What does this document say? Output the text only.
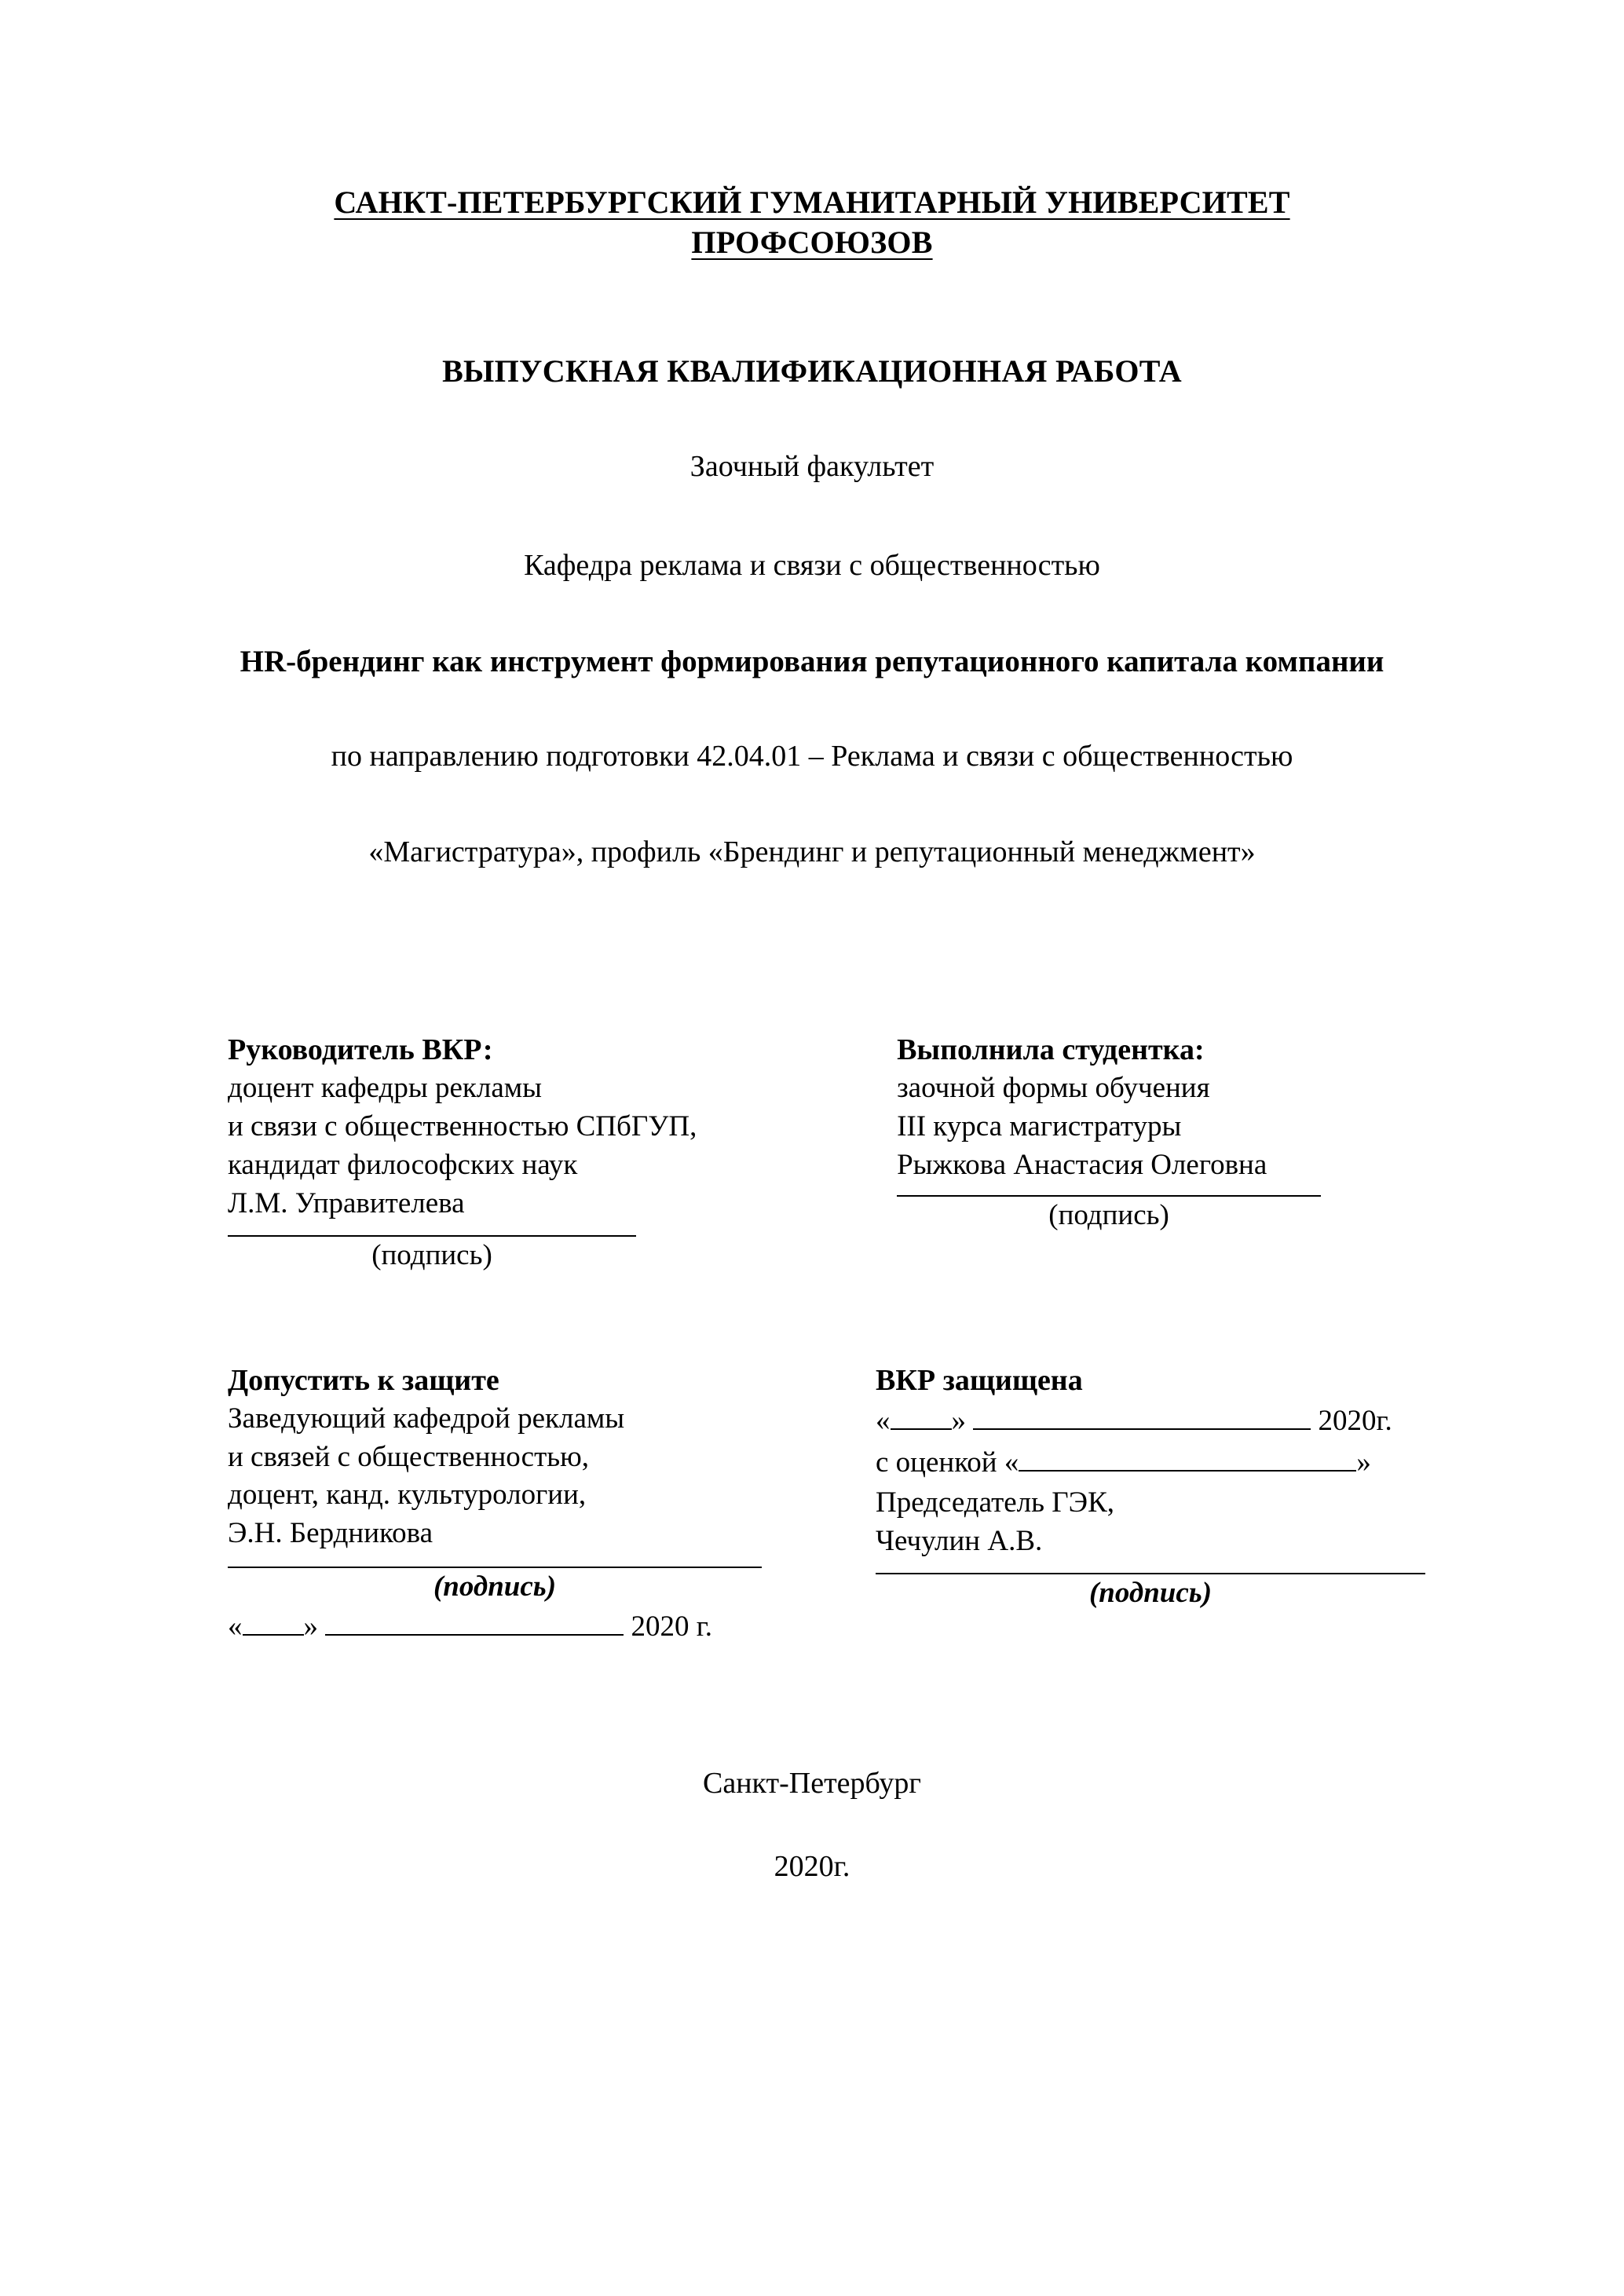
САНКТ-ПЕТЕРБУРГСКИЙ ГУМАНИТАРНЫЙ УНИВЕРСИТЕТ ПРОФСОЮЗОВ
ВЫПУСКНАЯ КВАЛИФИКАЦИОННАЯ РАБОТА
Заочный факультет
Кафедра реклама и связи с общественностью
HR-брендинг как инструмент формирования репутационного капитала компании
по направлению подготовки 42.04.01 – Реклама и связи с общественностью
«Магистратура», профиль «Брендинг и репутационный менеджмент»
Руководитель ВКР:
доцент кафедры рекламы
и связи с общественностью СПбГУП,
кандидат философских наук
Л.М. Управителева
(подпись)
Выполнила студентка:
заочной формы обучения
III курса магистратуры
Рыжкова Анастасия Олеговна
(подпись)
Допустить к защите
Заведующий кафедрой рекламы
и связей с общественностью,
доцент, канд. культурологии,
Э.Н. Бердникова
(подпись)
« »	2020 г.
ВКР защищена
« »	2020г.
с оценкой «	»
Председатель ГЭК,
Чечулин А.В.
(подпись)
Санкт-Петербург
2020г.
